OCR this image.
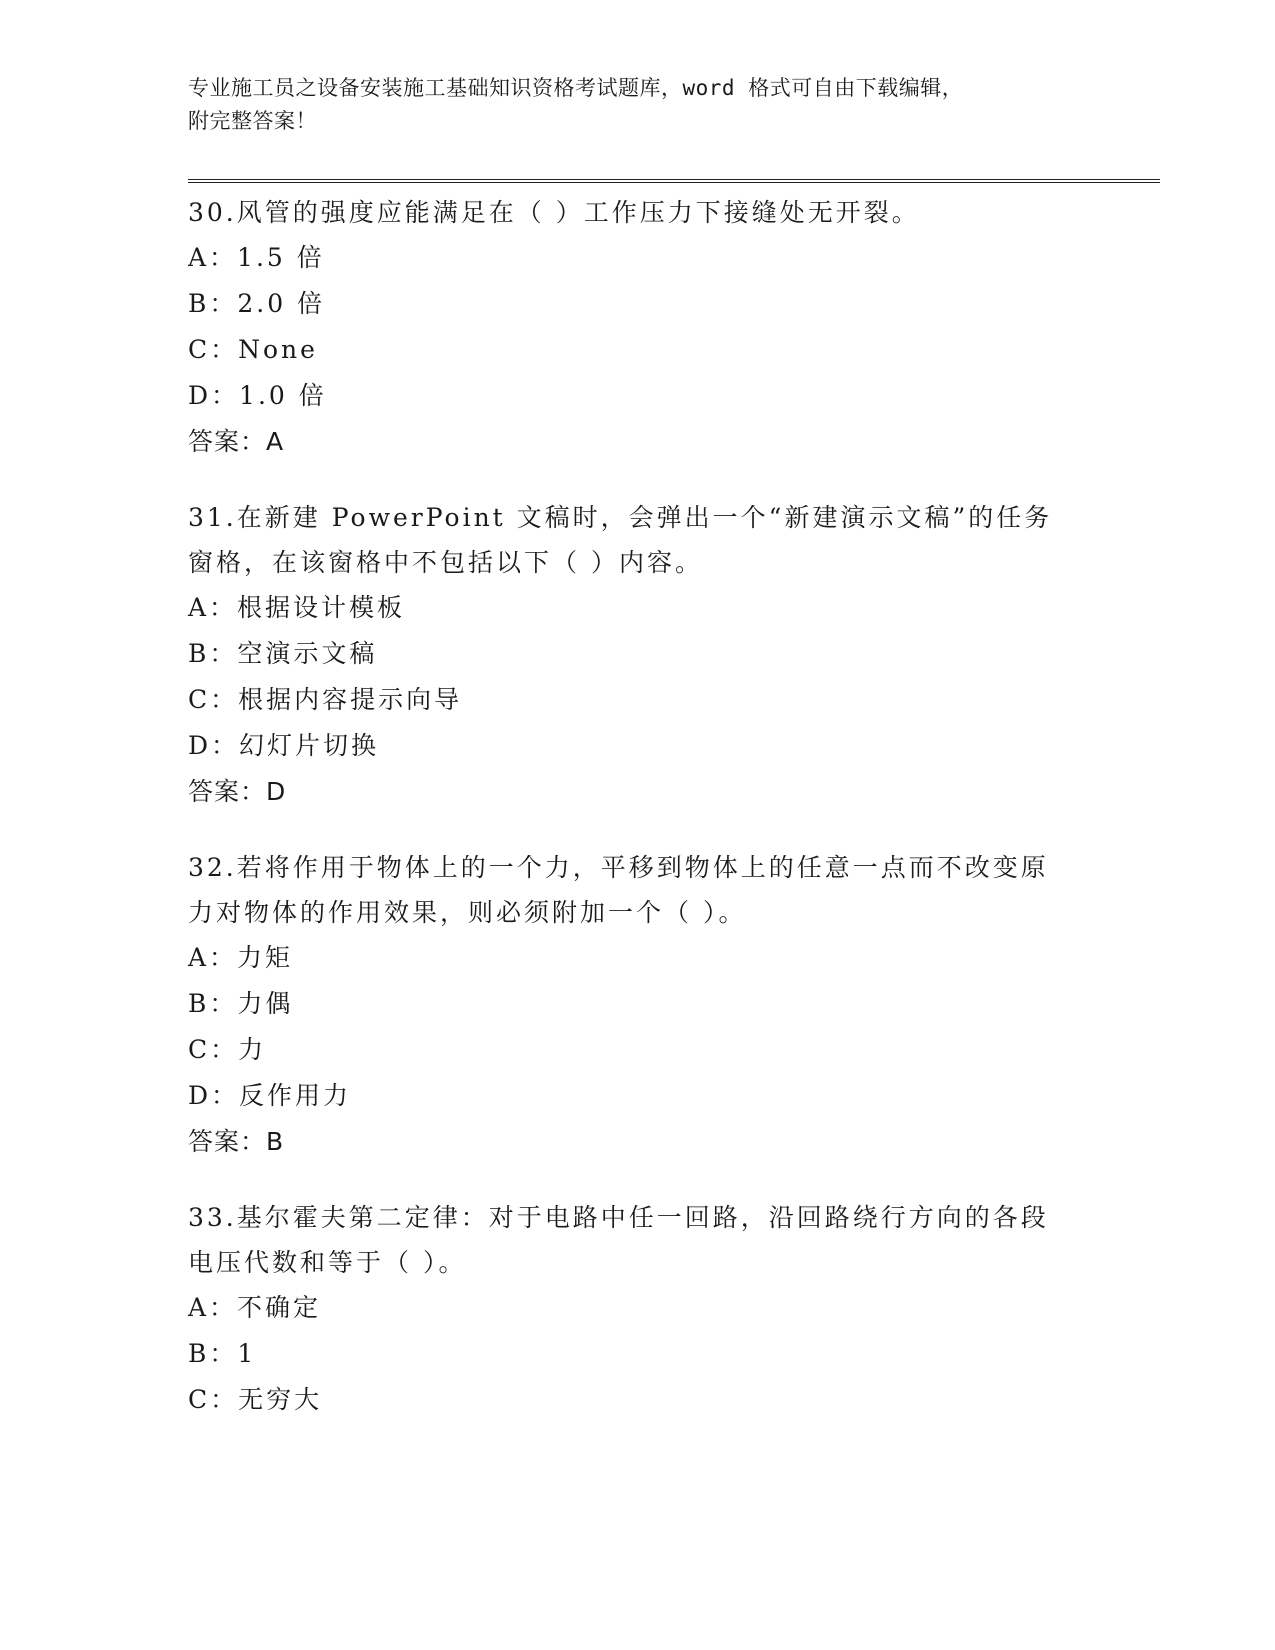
专业施工员之设备安装施工基础知识资格考试题库，word 格式可自由下载编辑，
附完整答案！

30.风管的强度应能满足在（ ）工作压力下接缝处无开裂。

A：1.5 倍

B：2.0 倍

C：None

D：1.0 倍

答案：A

31.在新建 PowerPoint 文稿时，会弹出一个“新建演示文稿”的任务

窗格，在该窗格中不包括以下（ ）内容。

A：根据设计模板

B：空演示文稿

C：根据内容提示向导

D：幻灯片切换

答案：D

32.若将作用于物体上的一个力，平移到物体上的任意一点而不改变原

力对物体的作用效果，则必须附加一个（ ）。

A：力矩

B：力偶

C：力

D：反作用力

答案：B

33.基尔霍夫第二定律：对于电路中任一回路，沿回路绕行方向的各段

电压代数和等于（ ）。

A：不确定

B：1

C：无穷大
